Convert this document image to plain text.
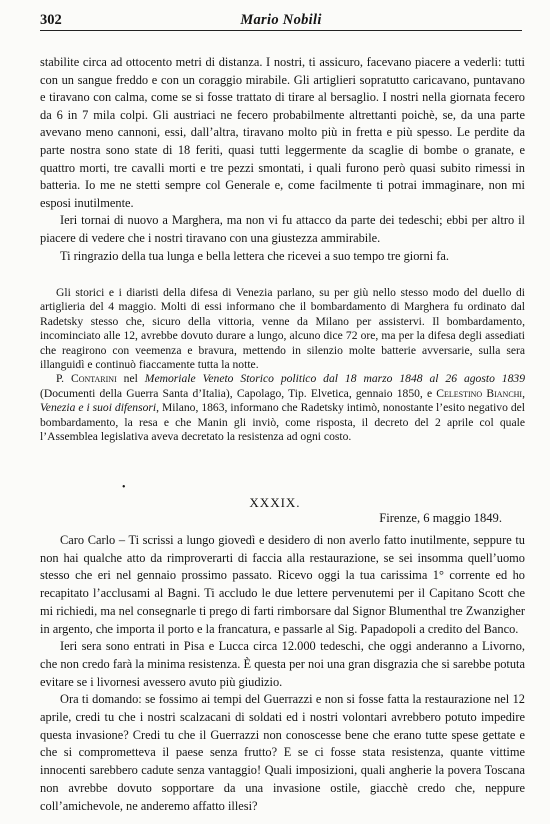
302	Mario Nobili

stabilite circa ad ottocento metri di distanza. I nostri, ti assicuro, facevano piacere a vederli: tutti con un sangue freddo e con un coraggio mirabile. Gli artiglieri sopratutto caricavano, puntavano e tiravano con calma, come se si fosse trattato di tirare al bersaglio. I nostri nella giornata fecero da 6 in 7 mila colpi. Gli austriaci ne fecero probabilmente altrettanti poichè, se, da una parte avevano meno cannoni, essi, dall’altra, tiravano molto più in fretta e più spesso. Le perdite da parte nostra sono state di 18 feriti, quasi tutti leggermente da scaglie di bombe o granate, e quattro morti, tre cavalli morti e tre pezzi smontati, i quali furono però quasi subito rimessi in batteria. Io me ne stetti sempre col Generale e, come facilmente ti potrai immaginare, non mi esposi inutilmente.

Ieri tornai di nuovo a Marghera, ma non vi fu attacco da parte dei tedeschi; ebbi per altro il piacere di vedere che i nostri tiravano con una giustezza ammirabile.

Ti ringrazio della tua lunga e bella lettera che ricevei a suo tempo tre giorni fa.

Gli storici e i diaristi della difesa di Venezia parlano, su per giù nello stesso modo del duello di artiglieria del 4 maggio. Molti di essi informano che il bombardamento di Marghera fu ordinato dal Radetsky stesso che, sicuro della vittoria, venne da Milano per assistervi. Il bombardamento, incominciato alle 12, avrebbe dovuto durare a lungo, alcuno dice 72 ore, ma per la difesa degli assediati che reagirono con veemenza e bravura, mettendo in silenzio molte batterie avversarie, sulla sera illanguidì e continuò fiaccamente tutta la notte.

P. Contarini nel Memoriale Veneto Storico politico dal 18 marzo 1848 al 26 agosto 1839 (Documenti della Guerra Santa d’Italia), Capolago, Tip. Elvetica, gennaio 1850, e Celestino Bianchi, Venezia e i suoi difensori, Milano, 1863, informano che Radetsky intimò, nonostante l’esito negativo del bombardamento, la resa e che Manin gli inviò, come risposta, il decreto del 2 aprile col quale l’Assemblea legislativa aveva decretato la resistenza ad ogni costo.

•
XXXIX.
Firenze, 6 maggio 1849.

Caro Carlo – Ti scrissi a lungo giovedì e desidero di non averlo fatto inutilmente, seppure tu non hai qualche atto da rimproverarti di faccia alla restaurazione, se sei insomma quell’uomo stesso che eri nel gennaio prossimo passato. Ricevo oggi la tua carissima 1° corrente ed ho recapitato l’acclusami al Bagni. Ti accludo le due lettere pervenutemi per il Capitano Scott che mi richiedi, ma nel consegnarle ti prego di farti rimborsare dal Signor Blumenthal tre Zwanzigher in argento, che importa il porto e la francatura, e passarle al Sig. Papadopoli a credito del Banco.

Ieri sera sono entrati in Pisa e Lucca circa 12.000 tedeschi, che oggi anderanno a Livorno, che non credo farà la minima resistenza. È questa per noi una gran disgrazia che si sarebbe potuta evitare se i livornesi avessero avuto più giudizio.

Ora ti domando: se fossimo ai tempi del Guerrazzi e non si fosse fatta la restaurazione nel 12 aprile, credi tu che i nostri scalzacani di soldati ed i nostri volontari avrebbero potuto impedire questa invasione? Credi tu che il Guerrazzi non conoscesse bene che erano tutte spese gettate e che si comprometteva il paese senza frutto? E se ci fosse stata resistenza, quante vittime innocenti sarebbero cadute senza vantaggio! Quali imposizioni, quali angherie la povera Toscana non avrebbe dovuto sopportare da una invasione ostile, giacchè credo che, neppure coll’amichevole, ne anderemo affatto illesi?
